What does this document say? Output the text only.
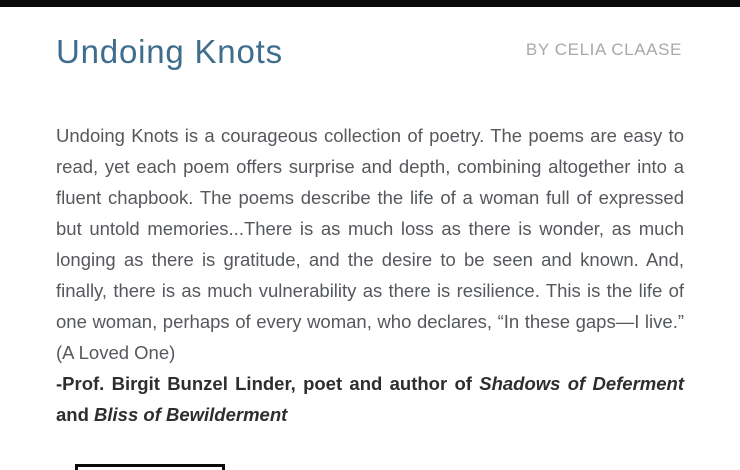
BY CELIA CLAASE
Undoing Knots

Undoing Knots is a courageous collection of poetry. The poems are easy to read, yet each poem offers surprise and depth, combining altogether into a fluent chapbook. The poems describe the life of a woman full of expressed but untold memories...There is as much loss as there is wonder, as much longing as there is gratitude, and the desire to be seen and known. And, finally, there is as much vulnerability as there is resilience. This is the life of one woman, perhaps of every woman, who declares, “In these gaps—I live.” (A Loved One)

-Prof. Birgit Bunzel Linder, poet and author of Shadows of Deferment and Bliss of Bewilderment
